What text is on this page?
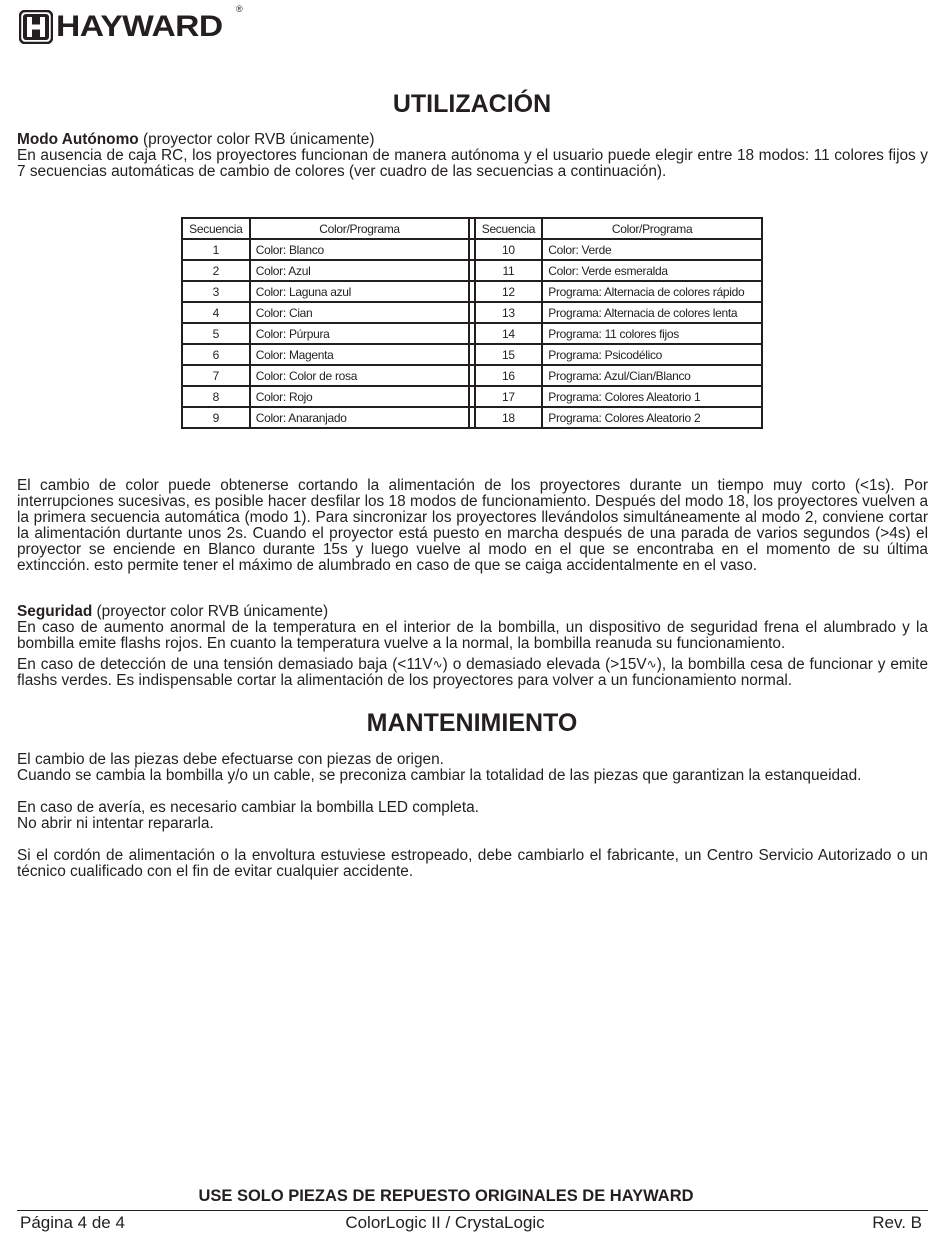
HAYWARD
®
UTILIZACIÓN

Modo Autónomo (proyector color RVB únicamente)

En ausencia de caja RC, los proyectores funcionan de manera autónoma y el usuario puede elegir entre 18 modos: 11 colores fijos y 7 secuencias automáticas de cambio de colores (ver cuadro de las secuencias a continuación).

Secuencia	Color/Programa		Secuencia	Color/Programa
1	Color: Blanco		10	Color: Verde
2	Color: Azul		11	Color: Verde esmeralda
3	Color: Laguna azul		12	Programa: Alternacia de colores rápido
4	Color: Cian		13	Programa: Alternacia de colores lenta
5	Color: Púrpura		14	Programa: 11 colores fijos
6	Color: Magenta		15	Programa: Psicodélico
7	Color: Color de rosa		16	Programa: Azul/Cian/Blanco
8	Color: Rojo		17	Programa: Colores Aleatorio 1
9	Color: Anaranjado		18	Programa: Colores Aleatorio 2

El cambio de color puede obtenerse cortando la alimentación de los proyectores durante un tiempo muy corto (<1s). Por interrupciones sucesivas, es posible hacer desfilar los 18 modos de funcionamiento. Después del modo 18, los proyectores vuelven a la primera secuencia automática (modo 1). Para sincronizar los proyectores llevándolos simultáneamente al modo 2, conviene cortar la alimentación durtante unos 2s. Cuando el proyector está puesto en marcha después de una parada de varios segundos (>4s) el proyector se enciende en Blanco durante 15s y luego vuelve al modo en el que se encontraba en el momento de su última extincción. esto permite tener el máximo de alumbrado en caso de que se caiga accidentalmente en el vaso.

Seguridad (proyector color RVB únicamente)

En caso de aumento anormal de la temperatura en el interior de la bombilla, un dispositivo de seguridad frena el alumbrado y la bombilla emite flashs rojos. En cuanto la temperatura vuelve a la normal, la bombilla reanuda su funcionamiento.

En caso de detección de una tensión demasiado baja (<11V∿) o demasiado elevada (>15V∿), la bombilla cesa de funcionar y emite flashs verdes. Es indispensable cortar la alimentación de los proyectores para volver a un funcionamiento normal.

MANTENIMIENTO

El cambio de las piezas debe efectuarse con piezas de origen.

Cuando se cambia la bombilla y/o un cable, se preconiza cambiar la totalidad de las piezas que garantizan la estanqueidad.

En caso de avería, es necesario cambiar la bombilla LED completa.

No abrir ni intentar repararla.

Si el cordón de alimentación o la envoltura estuviese estropeado, debe cambiarlo el fabricante, un Centro Servicio Autorizado o un técnico cualificado con el fin de evitar cualquier accidente.

USE SOLO PIEZAS DE REPUESTO ORIGINALES DE HAYWARD
Página 4 de 4	ColorLogic II / CrystaLogic	Rev. B
